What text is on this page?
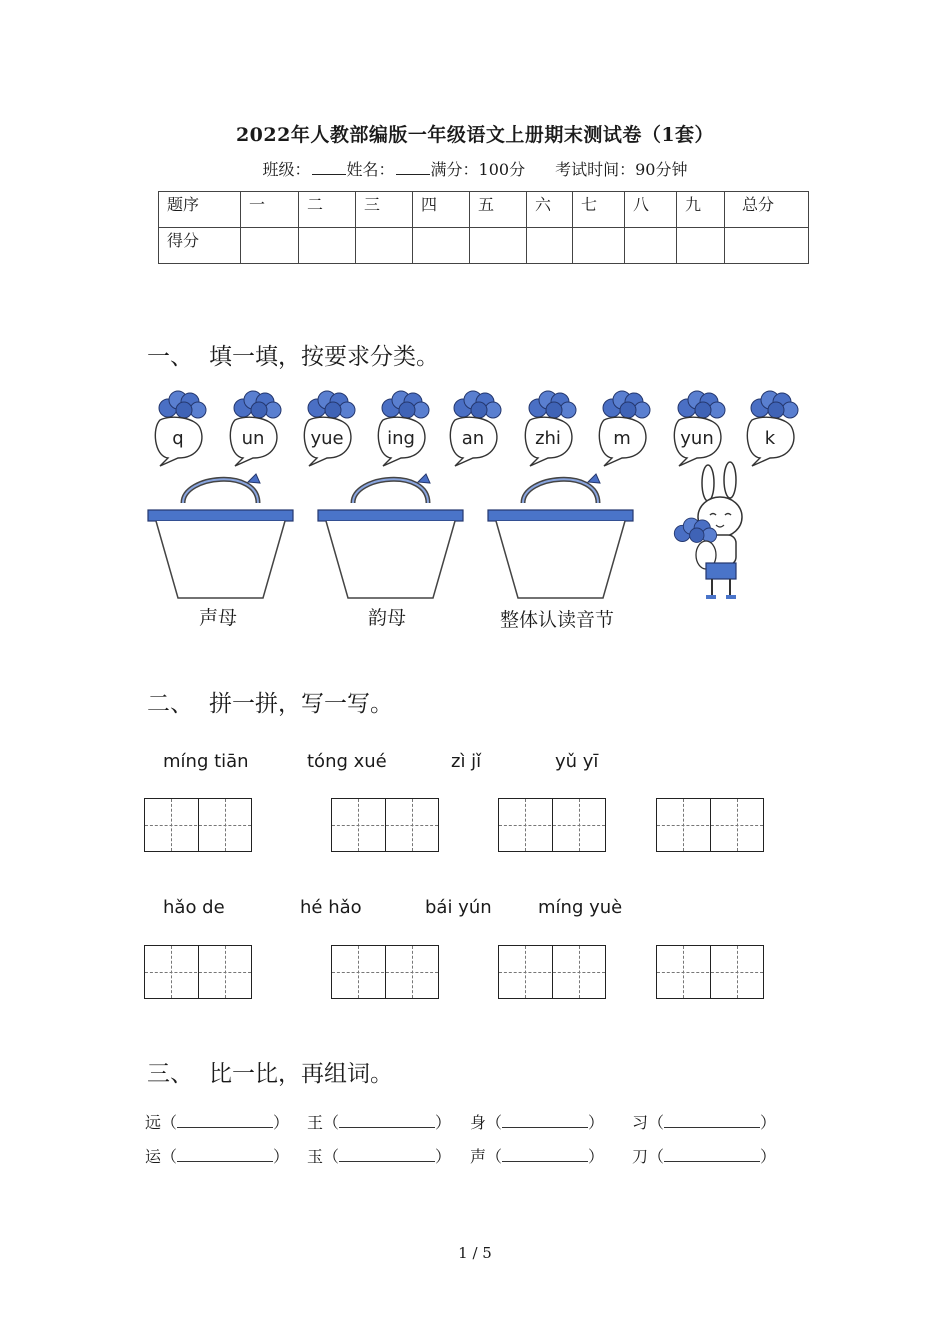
2022年人教部编版一年级语文上册期末测试卷（1套）
班级： 姓名： 满分：100分 考试时间：90分钟
题序	一	二	三	四	五	六	七	八	九	总分
得分										
一、 填一填，按要求分类。
q	un	yue ing	an	zhi	m	yun	k
声母	韵母	整体认读音节
二、 拼一拼，写一写。
míng tiān	tóng xué	zì jǐ	yǔ yī
hǎo de	hé hǎo	bái yún	míng yuè
三、 比一比，再组词。
远（	） 王（	） 身（	） 习（	）
运（	） 玉（	） 声（	） 刀（	）
1 / 5
